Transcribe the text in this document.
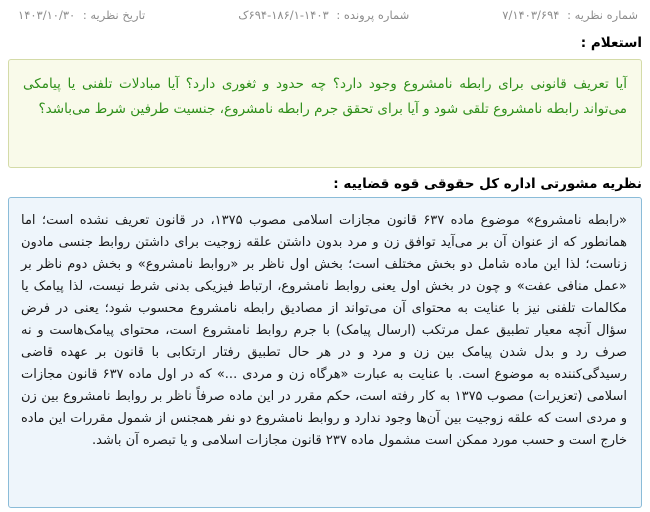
شماره نظریه : ۷/۱۴۰۳/۶۹۴
شماره پرونده : ۱۴۰۳-۱۸۶/۱-۶۹۴ک
تاریخ نظریه : ۱۴۰۳/۱۰/۳۰
استعلام :

آیا تعریف قانونی برای رابطه نامشروع وجود دارد؟ چه حدود و ثغوری دارد؟ آیا مبادلات تلفنی یا پیامکی می‌تواند رابطه نامشروع تلقی شود و آیا برای تحقق جرم رابطه نامشروع، جنسیت طرفین شرط می‌باشد؟

نظریه مشورتی اداره کل حقوقی قوه قضاییه :

«رابطه نامشروع» موضوع ماده ۶۳۷ قانون مجازات اسلامی مصوب ۱۳۷۵، در قانون تعریف نشده است؛ اما همانطور که از عنوان آن بر می‌آید توافق زن و مرد بدون داشتن علقه زوجیت برای داشتن روابط جنسی مادون زناست؛ لذا این ماده شامل دو بخش مختلف است؛ بخش اول ناظر بر «روابط نامشروع» و بخش دوم ناظر بر «عمل منافی عفت» و چون در بخش اول یعنی روابط نامشروع، ارتباط فیزیکی بدنی شرط نیست، لذا پیامک یا مکالمات تلفنی نیز با عنایت به محتوای آن می‌تواند از مصادیق رابطه نامشروع محسوب شود؛ یعنی در فرض سؤال آنچه معیار تطبیق عمل مرتکب (ارسال پیامک) با جرم روابط نامشروع است، محتوای پیامک‌هاست و نه صرف رد و بدل شدن پیامک بین زن و مرد و در هر حال تطبیق رفتار ارتکابی با قانون بر عهده قاضی رسیدگی‌کننده به موضوع است. با عنایت به عبارت «هرگاه زن و مردی ...» که در اول ماده ۶۳۷ قانون مجازات اسلامی (تعزیرات) مصوب ۱۳۷۵ به کار رفته است، حکم مقرر در این ماده صرفاً ناظر بر روابط نامشروع بین زن و مردی است که علقه زوجیت بین آن‌ها وجود ندارد و روابط نامشروع دو نفر همجنس از شمول مقررات این ماده خارج است و حسب مورد ممکن است مشمول ماده ۲۳۷ قانون مجازات اسلامی و یا تبصره آن باشد.
